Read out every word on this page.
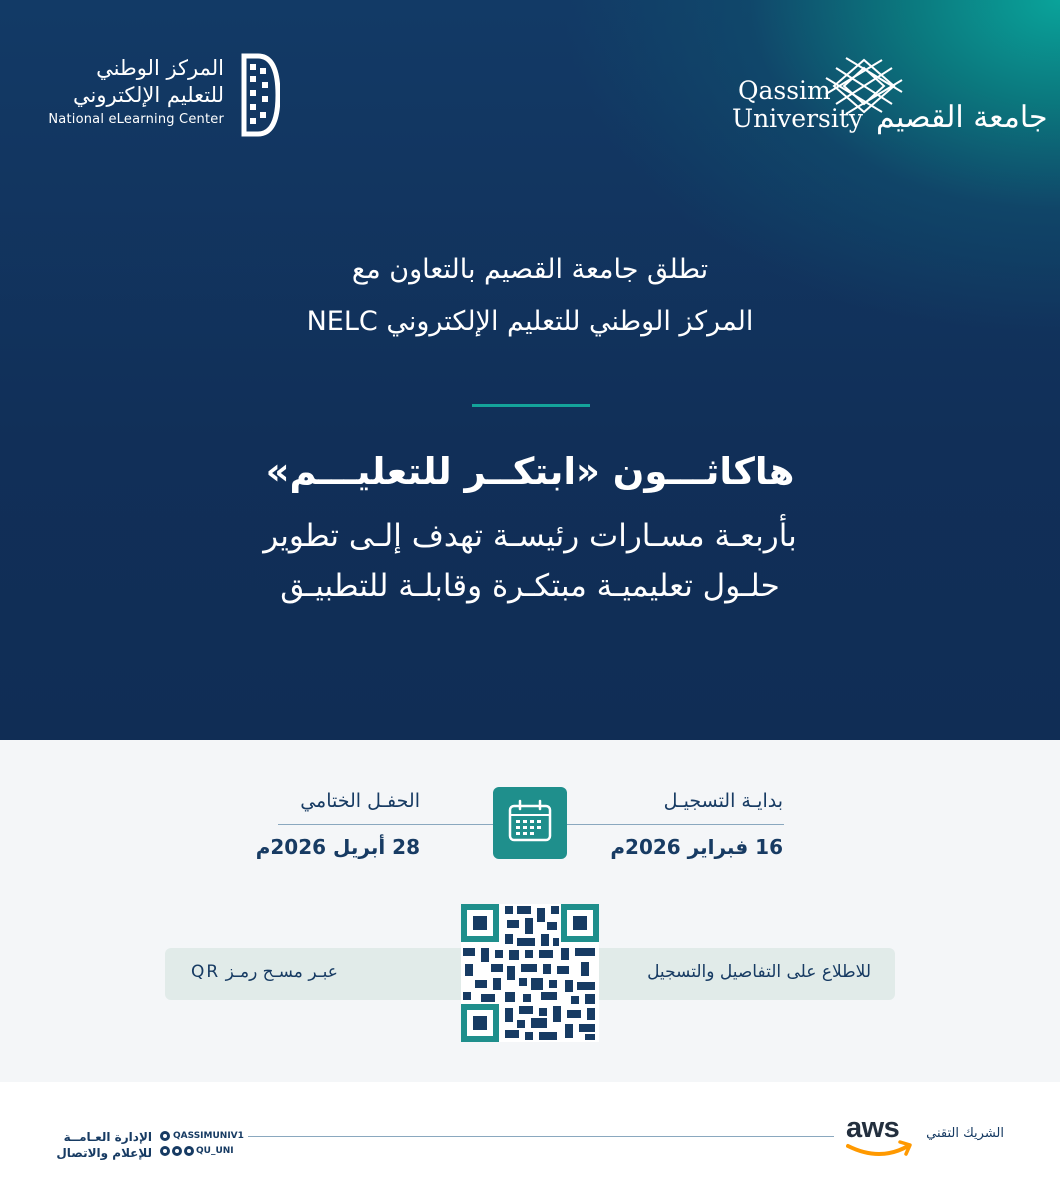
المركز الوطني
للتعليم الإلكتروني
National eLearning Center
Qassim
University جامعة القصيم
تطلق جامعة القصيم بالتعاون مع
المركز الوطني للتعليم الإلكتروني NELC
هاكاثـــون «ابتكــر للتعليـــم»
بأربعـة مسـارات رئيسـة تهدف إلـى تطوير
حلـول تعليميـة مبتكـرة وقابلـة للتطبيـق
بدايـة التسجيـل
16 فبراير 2026م
الحفـل الختامي
28 أبريل 2026م
للاطلاع على التفاصيل والتسجيل
عبـر مسـح رمـز QR
الشريك التقني
aws
QASSIMUNIV1
QU_UNI
الإدارة العـامــة
للإعلام والاتصال
